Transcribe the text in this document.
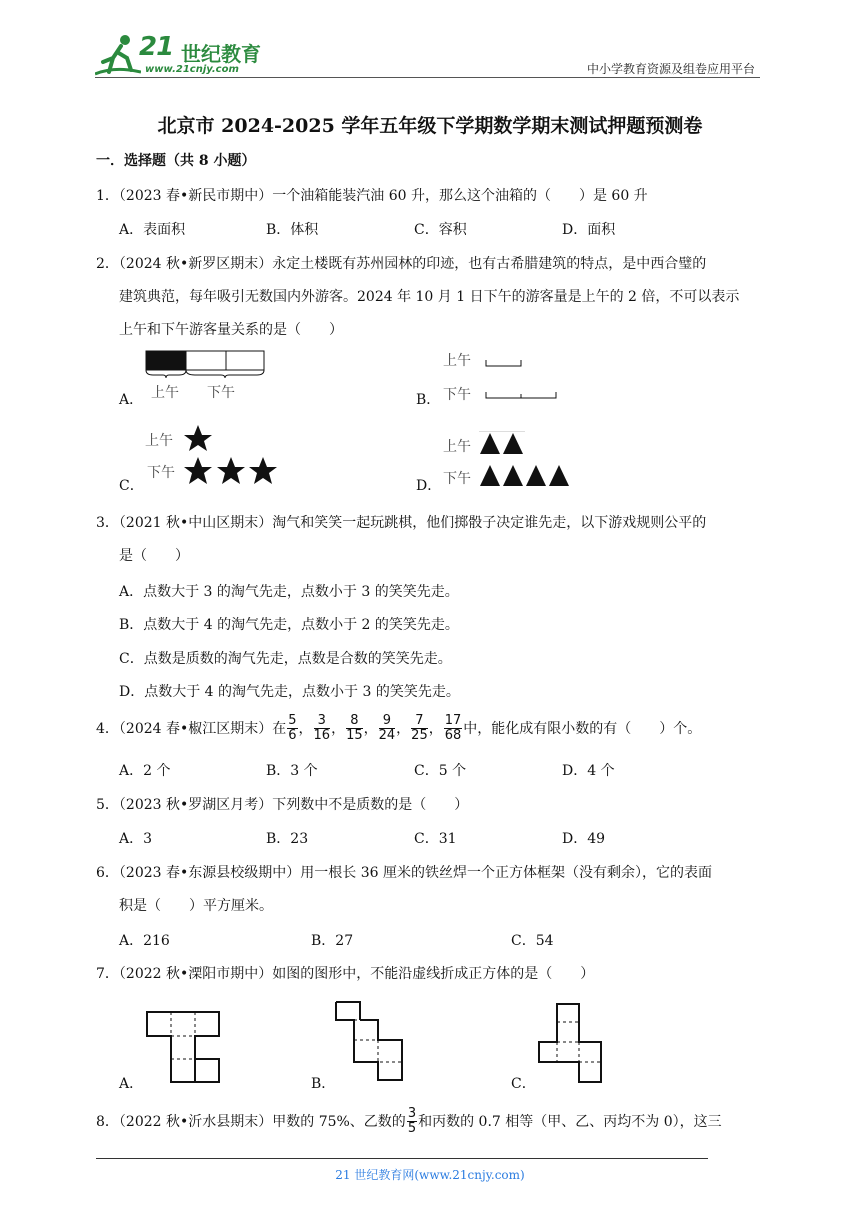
21 世纪教育
www.21cnjy.com	中小学教育资源及组卷应用平台
北京市 2024-2025 学年五年级下学期数学期末测试押题预测卷
一．选择题（共 8 小题）
1．（2023 春•新民市期中）一个油箱能装汽油 60 升，那么这个油箱的（　　）是 60 升
A．表面积	B．体积	C．容积	D．面积
2．（2024 秋•新罗区期末）永定土楼既有苏州园林的印迹，也有古希腊建筑的特点，是中西合璧的
建筑典范，每年吸引无数国内外游客。2024 年 10 月 1 日下午的游客量是上午的 2 倍，不可以表示
上午和下午游客量关系的是（　　）
A． 上午 下午	B．
上午
下午
C．
上午
下午
D．
上午
下午
3．（2021 秋•中山区期末）淘气和笑笑一起玩跳棋，他们掷骰子决定谁先走，以下游戏规则公平的
是（　　）
A．点数大于 3 的淘气先走，点数小于 3 的笑笑先走。
B．点数大于 4 的淘气先走，点数小于 2 的笑笑先走。
C．点数是质数的淘气先走，点数是合数的笑笑先走。
D．点数大于 4 的淘气先走，点数小于 3 的笑笑先走。
4．（2024 春•椒江区期末）在 $\frac{5}{6}$ ， $\frac{3}{16}$ ， $\frac{8}{15}$ ， $\frac{9}{24}$ ， $\frac{7}{25}$ ， $\frac{17}{68}$ 中，能化成有限小数的有（　　）个。
A．2 个	B．3 个	C．5 个	D．4 个
5．（2023 秋•罗湖区月考）下列数中不是质数的是（　　）
A．3	B．23	C．31	D．49
6．（2023 春•东源县校级期中）用一根长 36 厘米的铁丝焊一个正方体框架（没有剩余），它的表面
积是（　　）平方厘米。
A．216	B．27	C．54
7．（2022 秋•溧阳市期中）如图的图形中，不能沿虚线折成正方体的是（　　）
A．	B．	C．
8．（2022 秋•沂水县期末）甲数的 75%、乙数的 $\frac{3}{5}$ 和丙数的 0.7 相等（甲、乙、丙均不为 0），这三
21 世纪教育网(www.21cnjy.com)
